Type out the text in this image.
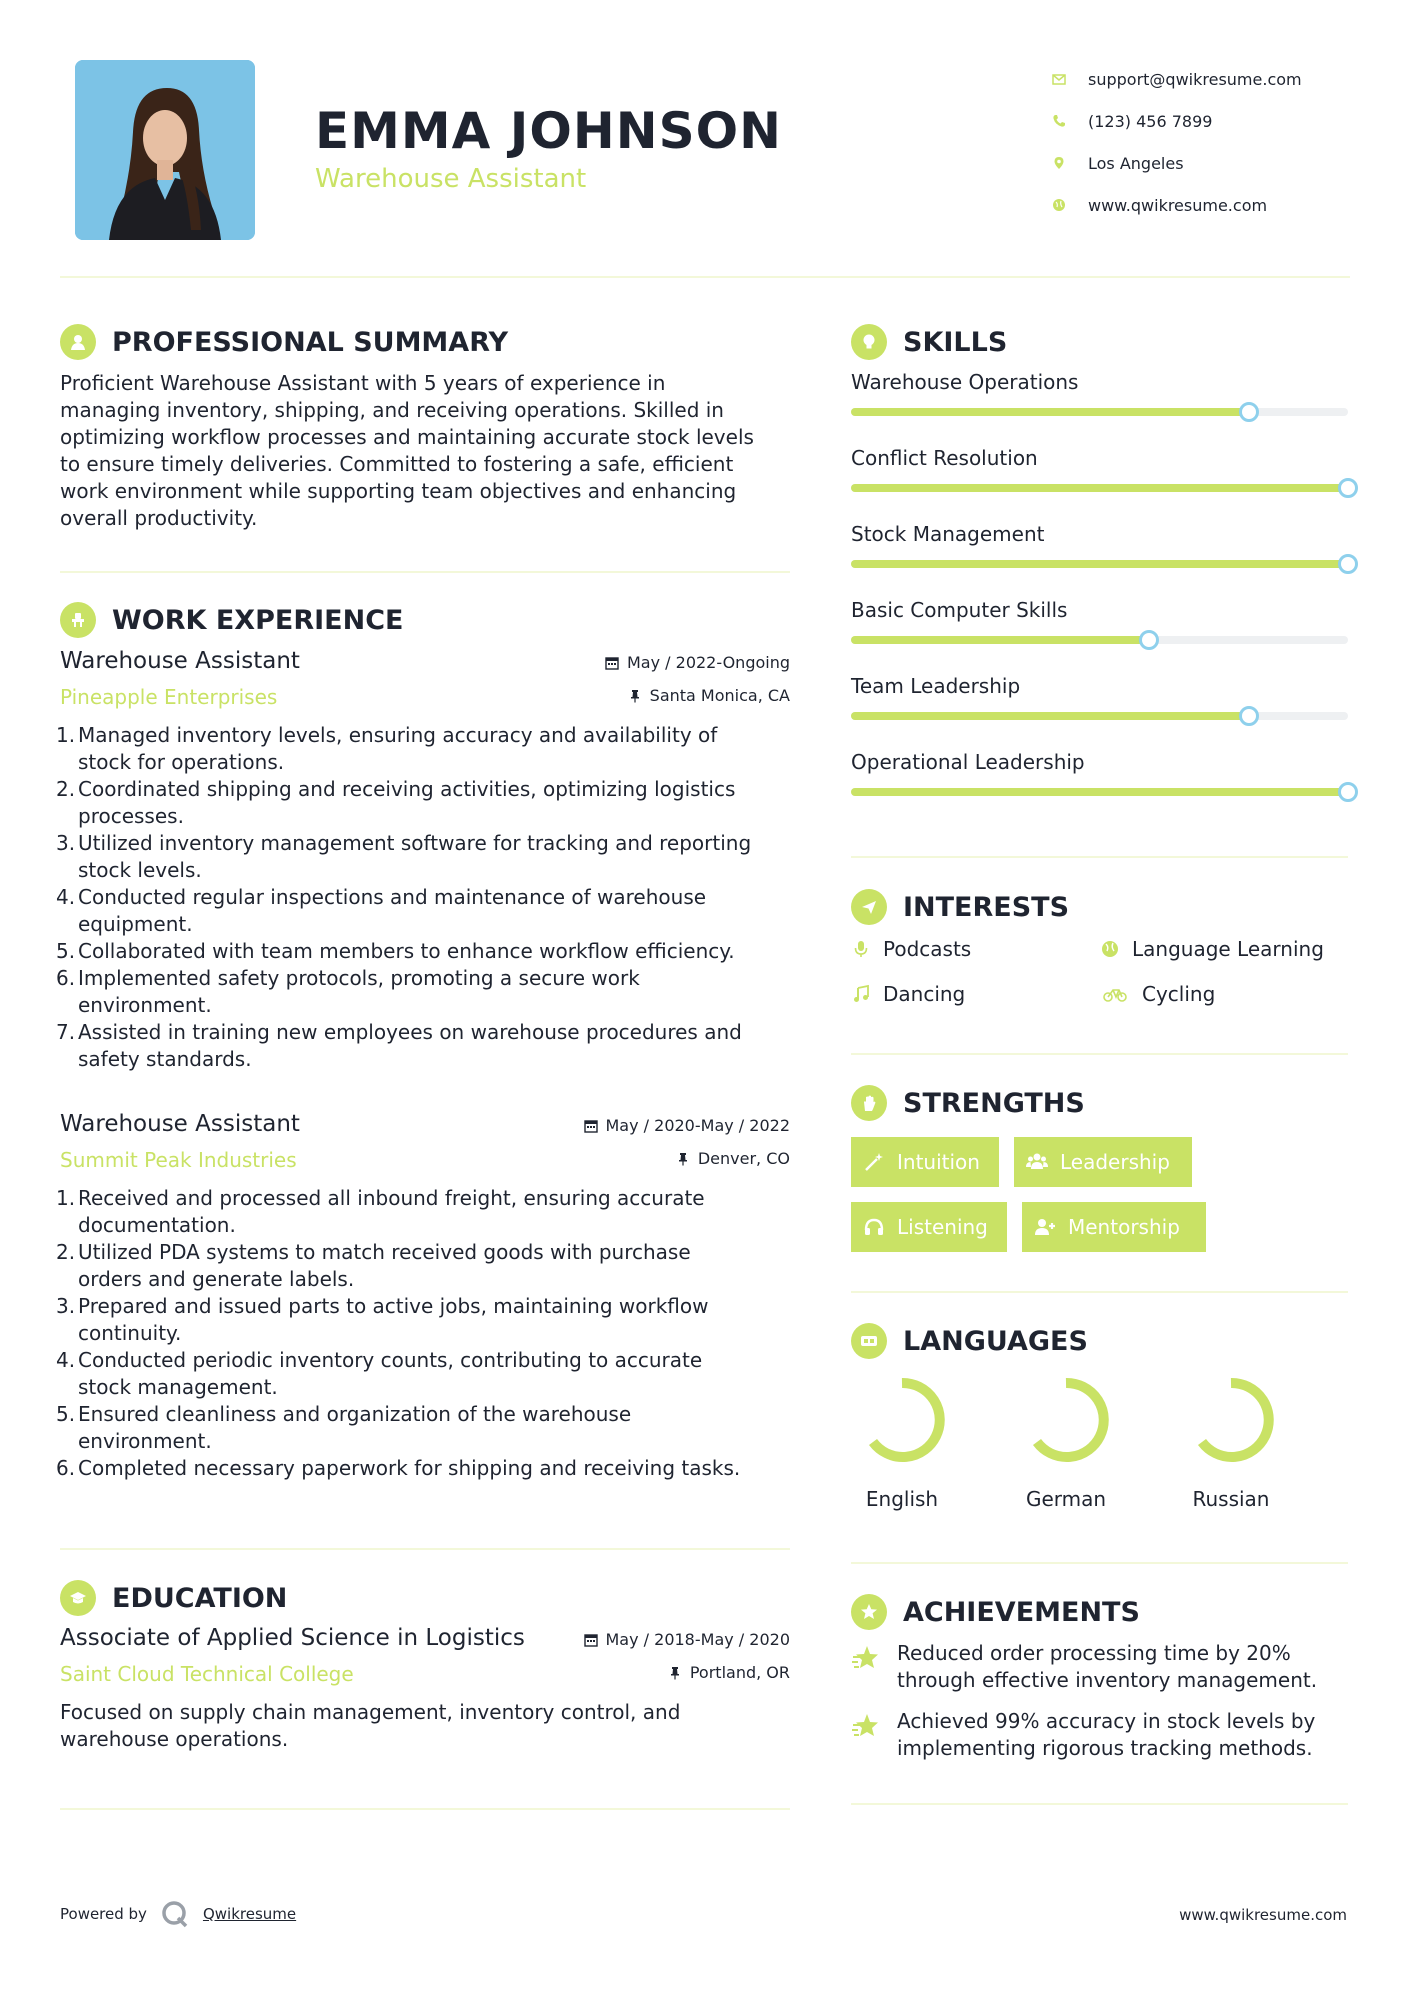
EMMA JOHNSON
Warehouse Assistant
support@qwikresume.com
(123) 456 7899
Los Angeles
www.qwikresume.com
PROFESSIONAL SUMMARY
Proficient Warehouse Assistant with 5 years of experience in
managing inventory, shipping, and receiving operations. Skilled in
optimizing workflow processes and maintaining accurate stock levels
to ensure timely deliveries. Committed to fostering a safe, efficient
work environment while supporting team objectives and enhancing
overall productivity.
WORK EXPERIENCE
Warehouse Assistant
Pineapple Enterprises
May / 2022-Ongoing
Santa Monica, CA
Managed inventory levels, ensuring accuracy and availability of
stock for operations.
Coordinated shipping and receiving activities, optimizing logistics
processes.
Utilized inventory management software for tracking and reporting
stock levels.
Conducted regular inspections and maintenance of warehouse
equipment.
Collaborated with team members to enhance workflow efficiency.
Implemented safety protocols, promoting a secure work
environment.
Assisted in training new employees on warehouse procedures and
safety standards.
Warehouse Assistant
Summit Peak Industries
May / 2020-May / 2022
Denver, CO
Received and processed all inbound freight, ensuring accurate
documentation.
Utilized PDA systems to match received goods with purchase
orders and generate labels.
Prepared and issued parts to active jobs, maintaining workflow
continuity.
Conducted periodic inventory counts, contributing to accurate
stock management.
Ensured cleanliness and organization of the warehouse
environment.
Completed necessary paperwork for shipping and receiving tasks.
EDUCATION
Associate of Applied Science in Logistics
Saint Cloud Technical College
May / 2018-May / 2020
Portland, OR
Focused on supply chain management, inventory control, and
warehouse operations.
SKILLS
Warehouse Operations
Conflict Resolution
Stock Management
Basic Computer Skills
Team Leadership
Operational Leadership
INTERESTS
Podcasts	Language Learning
Dancing	Cycling
STRENGTHS
Intuition	Leadership
Listening	Mentorship
LANGUAGES
English	German	Russian
ACHIEVEMENTS
Reduced order processing time by 20%
through effective inventory management.
Achieved 99% accuracy in stock levels by
implementing rigorous tracking methods.
Powered by	Qwikresume	www.qwikresume.com
